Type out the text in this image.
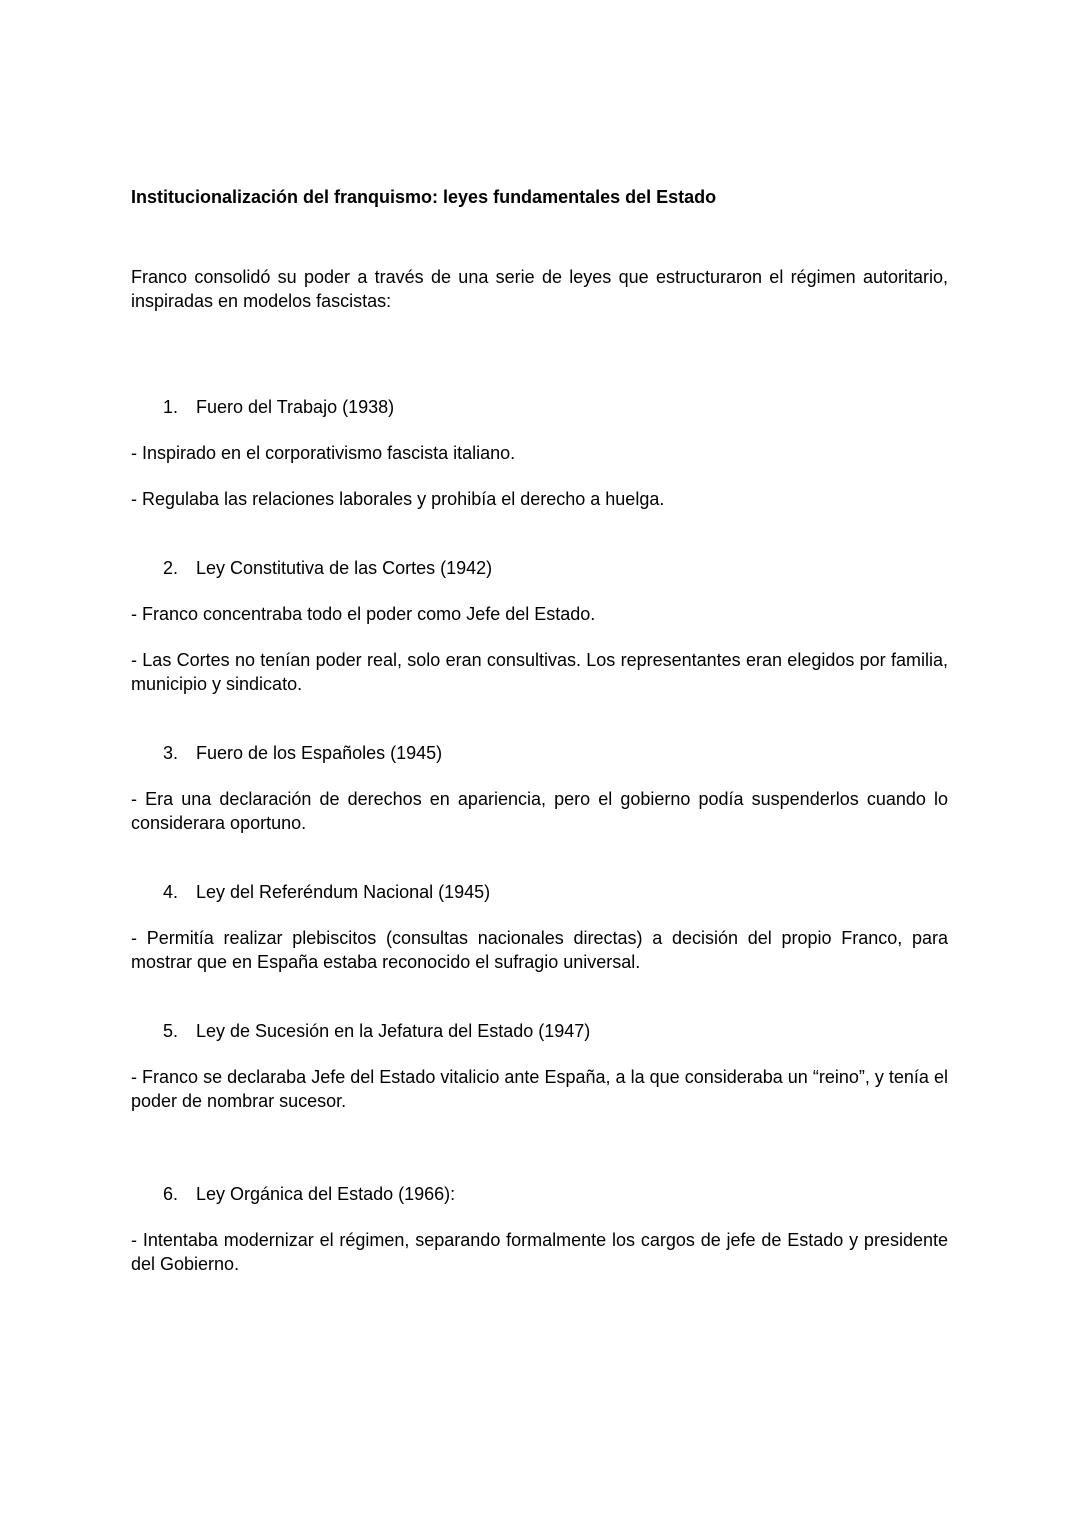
Institucionalización del franquismo: leyes fundamentales del Estado

Franco consolidó su poder a través de una serie de leyes que estructuraron el régimen autoritario, inspiradas en modelos fascistas:

1. Fuero del Trabajo (1938)

- Inspirado en el corporativismo fascista italiano.

- Regulaba las relaciones laborales y prohibía el derecho a huelga.

2. Ley Constitutiva de las Cortes (1942)

- Franco concentraba todo el poder como Jefe del Estado.

- Las Cortes no tenían poder real, solo eran consultivas. Los representantes eran elegidos por familia, municipio y sindicato.

3. Fuero de los Españoles (1945)

- Era una declaración de derechos en apariencia, pero el gobierno podía suspenderlos cuando lo considerara oportuno.

4. Ley del Referéndum Nacional (1945)

- Permitía realizar plebiscitos (consultas nacionales directas) a decisión del propio Franco, para mostrar que en España estaba reconocido el sufragio universal.

5. Ley de Sucesión en la Jefatura del Estado (1947)

- Franco se declaraba Jefe del Estado vitalicio ante España, a la que consideraba un “reino”, y tenía el poder de nombrar sucesor.

6. Ley Orgánica del Estado (1966):

- Intentaba modernizar el régimen, separando formalmente los cargos de jefe de Estado y presidente del Gobierno.
